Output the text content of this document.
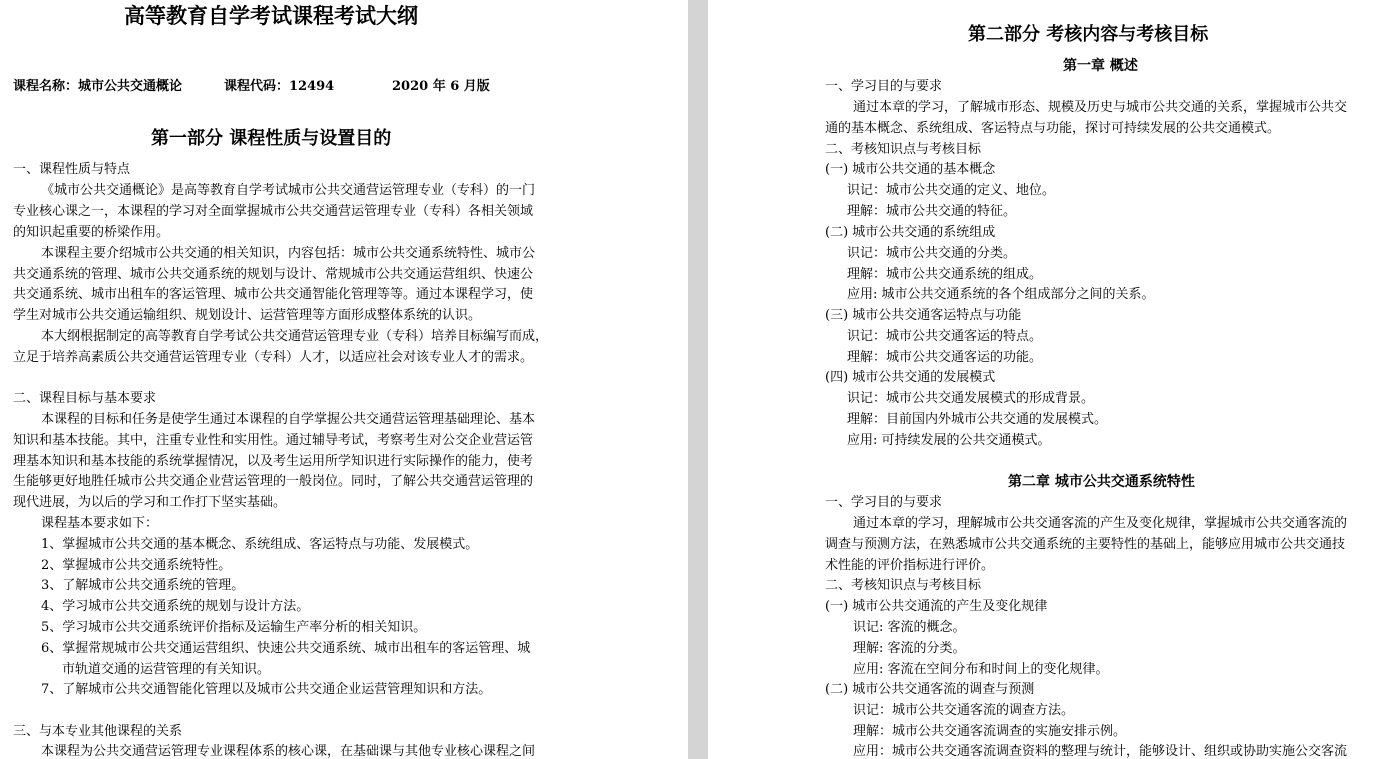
高等教育自学考试课程考试大纲
课程名称：城市公共交通概论	课程代码：12494	2020 年 6 月版
第一部分 课程性质与设置目的
一、课程性质与特点
《城市公共交通概论》是高等教育自学考试城市公共交通营运管理专业（专科）的一门
专业核心课之一，本课程的学习对全面掌握城市公共交通营运管理专业（专科）各相关领域
的知识起重要的桥梁作用。
本课程主要介绍城市公共交通的相关知识，内容包括：城市公共交通系统特性、城市公
共交通系统的管理、城市公共交通系统的规划与设计、常规城市公共交通运营组织、快速公
共交通系统、城市出租车的客运管理、城市公共交通智能化管理等等。通过本课程学习，使
学生对城市公共交通运输组织、规划设计、运营管理等方面形成整体系统的认识。
本大纲根据制定的高等教育自学考试公共交通营运管理专业（专科）培养目标编写而成，
立足于培养高素质公共交通营运管理专业（专科）人才，以适应社会对该专业人才的需求。
二、课程目标与基本要求
本课程的目标和任务是使学生通过本课程的自学掌握公共交通营运管理基础理论、基本
知识和基本技能。其中，注重专业性和实用性。通过辅导考试，考察考生对公交企业营运管
理基本知识和基本技能的系统掌握情况，以及考生运用所学知识进行实际操作的能力，使考
生能够更好地胜任城市公共交通企业营运管理的一般岗位。同时，了解公共交通营运管理的
现代进展，为以后的学习和工作打下坚实基础。
课程基本要求如下：
1、掌握城市公共交通的基本概念、系统组成、客运特点与功能、发展模式。
2、掌握城市公共交通系统特性。
3、了解城市公共交通系统的管理。
4、学习城市公共交通系统的规划与设计方法。
5、学习城市公共交通系统评价指标及运输生产率分析的相关知识。
6、掌握常规城市公共交通运营组织、快速公共交通系统、城市出租车的客运管理、城
市轨道交通的运营管理的有关知识。
7、了解城市公共交通智能化管理以及城市公共交通企业运营管理知识和方法。
三、与本专业其他课程的关系
本课程为公共交通营运管理专业课程体系的核心课，在基础课与其他专业核心课程之间
第二部分 考核内容与考核目标
第一章 概述
一、学习目的与要求
通过本章的学习，了解城市形态、规模及历史与城市公共交通的关系，掌握城市公共交
通的基本概念、系统组成、客运特点与功能，探讨可持续发展的公共交通模式。
二、考核知识点与考核目标
(一) 城市公共交通的基本概念
识记：城市公共交通的定义、地位。
理解：城市公共交通的特征。
(二) 城市公共交通的系统组成
识记：城市公共交通的分类。
理解：城市公共交通系统的组成。
应用: 城市公共交通系统的各个组成部分之间的关系。
(三) 城市公共交通客运特点与功能
识记：城市公共交通客运的特点。
理解：城市公共交通客运的功能。
(四) 城市公共交通的发展模式
识记：城市公共交通发展模式的形成背景。
理解：目前国内外城市公共交通的发展模式。
应用: 可持续发展的公共交通模式。
第二章 城市公共交通系统特性
一、学习目的与要求
通过本章的学习，理解城市公共交通客流的产生及变化规律，掌握城市公共交通客流的
调查与预测方法，在熟悉城市公共交通系统的主要特性的基础上，能够应用城市公共交通技
术性能的评价指标进行评价。
二、考核知识点与考核目标
(一) 城市公共交通流的产生及变化规律
识记: 客流的概念。
理解: 客流的分类。
应用: 客流在空间分布和时间上的变化规律。
(二) 城市公共交通客流的调查与预测
识记：城市公共交通客流的调查方法。
理解：城市公共交通客流调查的实施安排示例。
应用：城市公共交通客流调查资料的整理与统计，能够设计、组织或协助实施公交客流
